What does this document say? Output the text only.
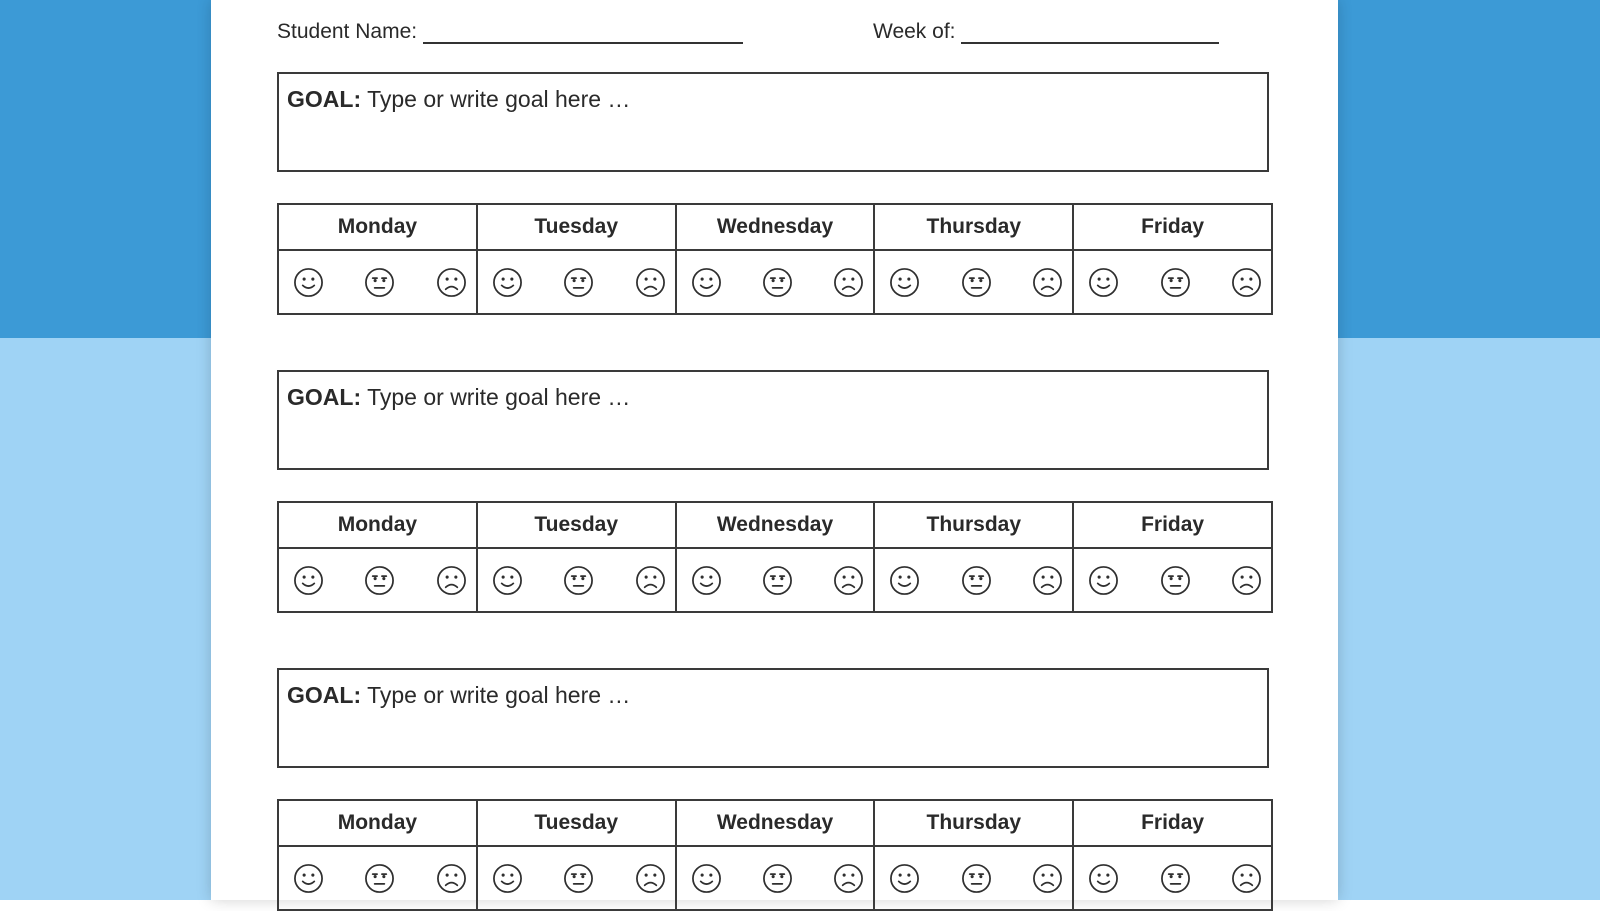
Student Name:	Week of:
GOAL: Type or write goal here …
Monday	Tuesday	Wednesday	Thursday	Friday

GOAL: Type or write goal here …
Monday	Tuesday	Wednesday	Thursday	Friday

GOAL: Type or write goal here …
Monday	Tuesday	Wednesday	Thursday	Friday
